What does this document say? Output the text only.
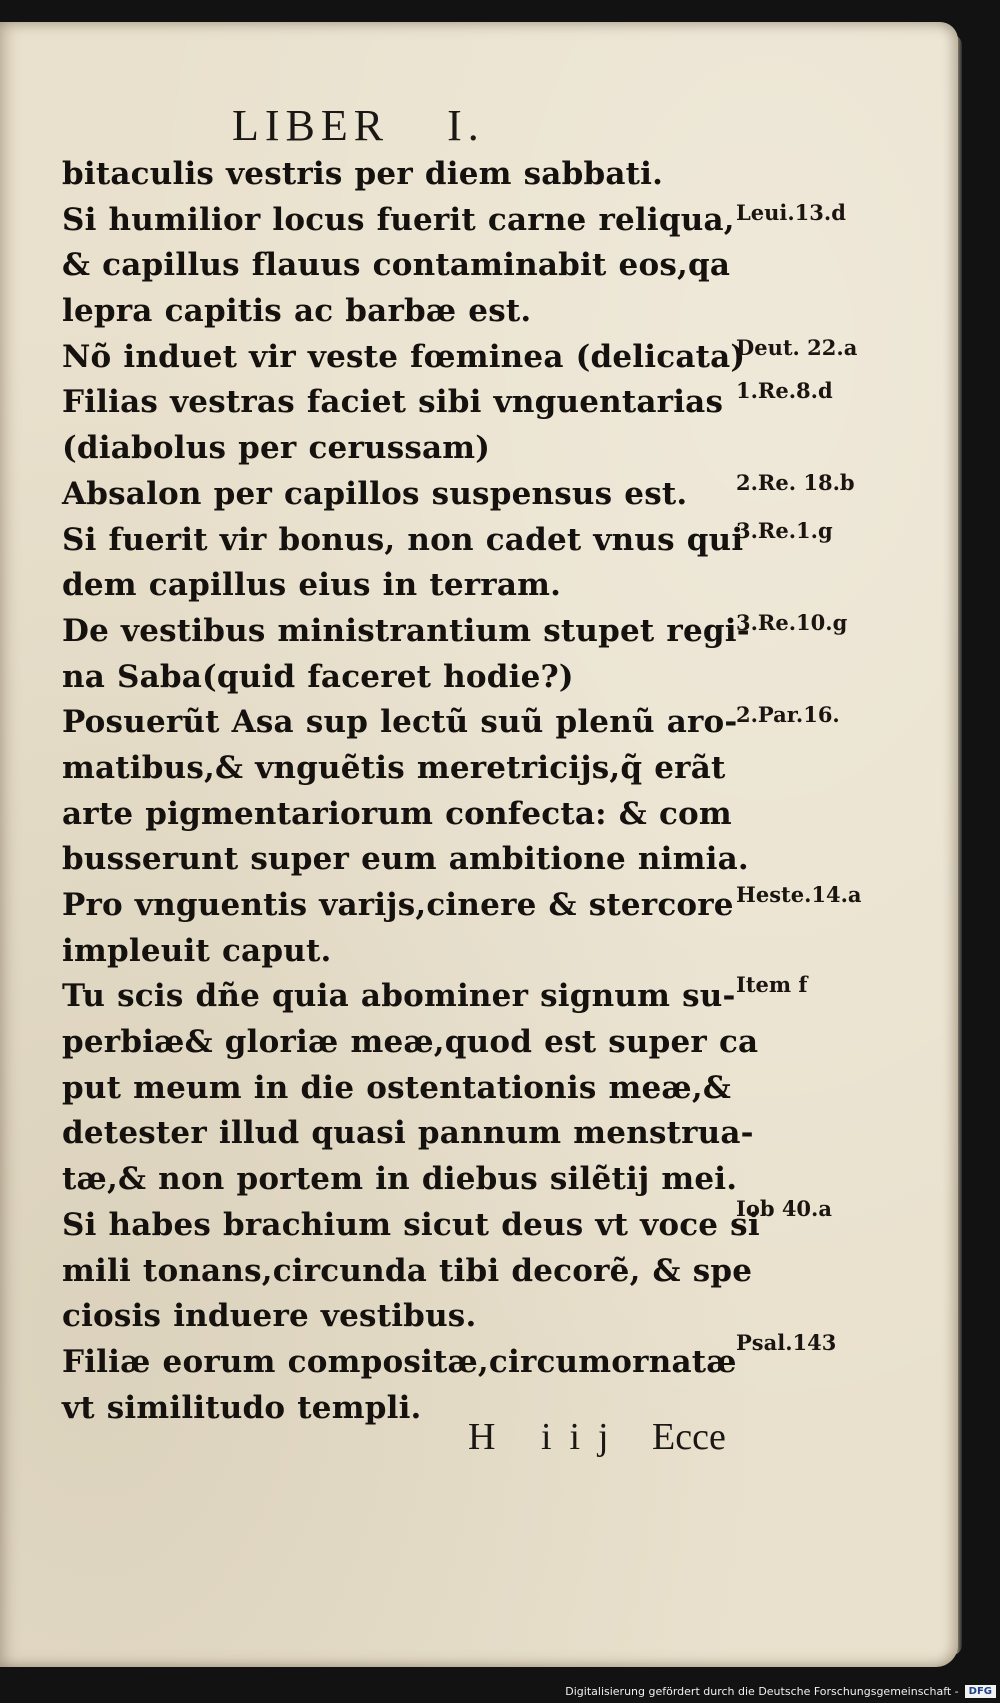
LIBER I.
bitaculis vestris per diem sabbati.
Si humilior locus fuerit carne reliqua,
& capillus flauus contaminabit eos,qa
lepra capitis ac barbæ est.
Nõ induet vir veste fœminea (delicata)
Filias vestras faciet sibi vnguentarias
(diabolus per cerussam)
Absalon per capillos suspensus est.
Si fuerit vir bonus, non cadet vnus qui
dem capillus eius in terram.
De vestibus ministrantium stupet regi-
na Saba(quid faceret hodie?)
Posuerũt Asa sup lectũ suũ plenũ aro-
matibus,& vnguẽtis meretricijs,q̃ erãt
arte pigmentariorum confecta: & com
busserunt super eum ambitione nimia.
Pro vnguentis varijs,cinere & stercore
impleuit caput.
Tu scis dñe quia abominer signum su-
perbiæ& gloriæ meæ,quod est super ca
put meum in die ostentationis meæ,&
detester illud quasi pannum menstrua-
tæ,& non portem in diebus silẽtij mei.
Si habes brachium sicut deus vt voce si
mili tonans,circunda tibi decorẽ, & spe
ciosis induere vestibus.
Filiæ eorum compositæ,circumornatæ
vt similitudo templi.
Leui.13.d
Deut. 22.a
1.Re.8.d
2.Re. 18.b
3.Re.1.g
3.Re.10.g
2.Par.16.
Heste.14.a
Item f
Iob 40.a
Psal.143
H iij Ecce
Digitalisierung gefördert durch die Deutsche Forschungsgemeinschaft -	DFG
